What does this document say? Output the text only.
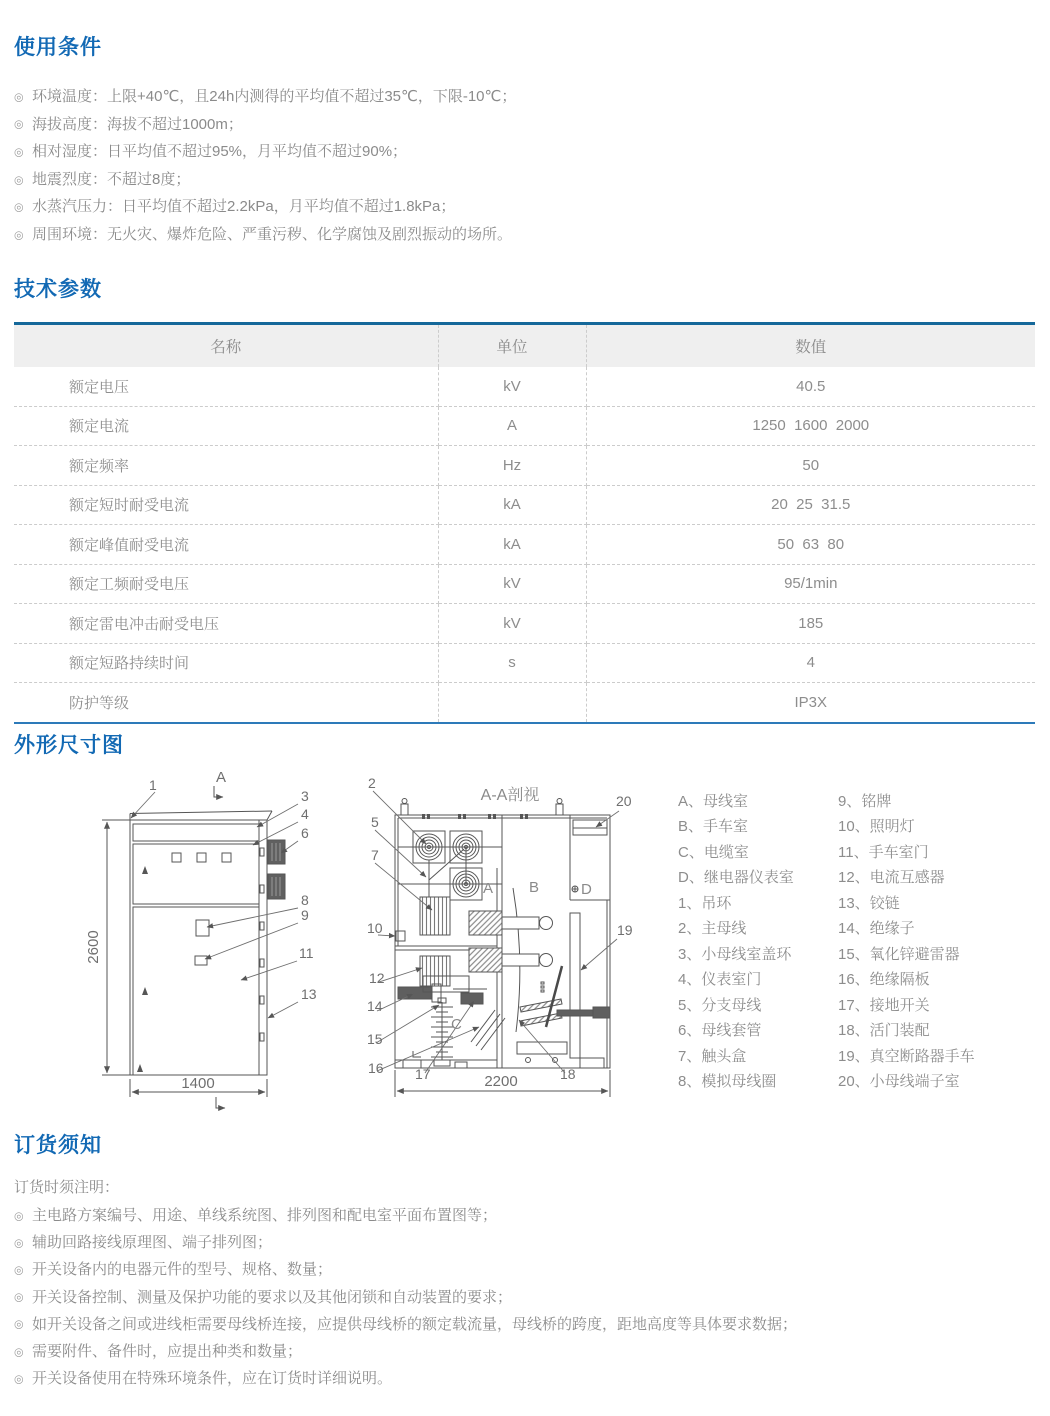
使用条件
◎ 环境温度：上限+40℃，且24h内测得的平均值不超过35℃，下限-10℃；
◎ 海拔高度：海拔不超过1000m；
◎ 相对湿度：日平均值不超过95%，月平均值不超过90%；
◎ 地震烈度：不超过8度；
◎ 水蒸汽压力：日平均值不超过2.2kPa，月平均值不超过1.8kPa；
◎ 周围环境：无火灾、爆炸危险、严重污秽、化学腐蚀及剧烈振动的场所。
技术参数
名称	单位	数值
额定电压	kV	40.5
额定电流	A	1250  1600  2000
额定频率	Hz	50
额定短时耐受电流	kA	20  25  31.5
额定峰值耐受电流	kA	50  63  80
额定工频耐受电压	kV	95/1min
额定雷电冲击耐受电压	kV	185
额定短路持续时间	s	4
防护等级		IP3X
外形尺寸图
1
3
4
6
8
9
11
13
A
2600
1400
A-A剖视
2
5
7
10
12
14
15
16 17	18
19
20
A B
C
D
2200
A、母线室
B、手车室
C、电缆室
D、继电器仪表室
1、吊环
2、主母线
3、小母线室盖环
4、仪表室门
5、分支母线
6、母线套管
7、触头盒
8、模拟母线圈
9、铭牌
10、照明灯
11、手车室门
12、电流互感器
13、铰链
14、绝缘子
15、氧化锌避雷器
16、绝缘隔板
17、接地开关
18、活门装配
19、真空断路器手车
20、小母线端子室
订货须知
订货时须注明：
◎ 主电路方案编号、用途、单线系统图、排列图和配电室平面布置图等；
◎ 辅助回路接线原理图、端子排列图；
◎ 开关设备内的电器元件的型号、规格、数量；
◎ 开关设备控制、测量及保护功能的要求以及其他闭锁和自动装置的要求；
◎ 如开关设备之间或进线柜需要母线桥连接，应提供母线桥的额定载流量，母线桥的跨度，距地高度等具体要求数据；
◎ 需要附件、备件时，应提出种类和数量；
◎ 开关设备使用在特殊环境条件，应在订货时详细说明。
